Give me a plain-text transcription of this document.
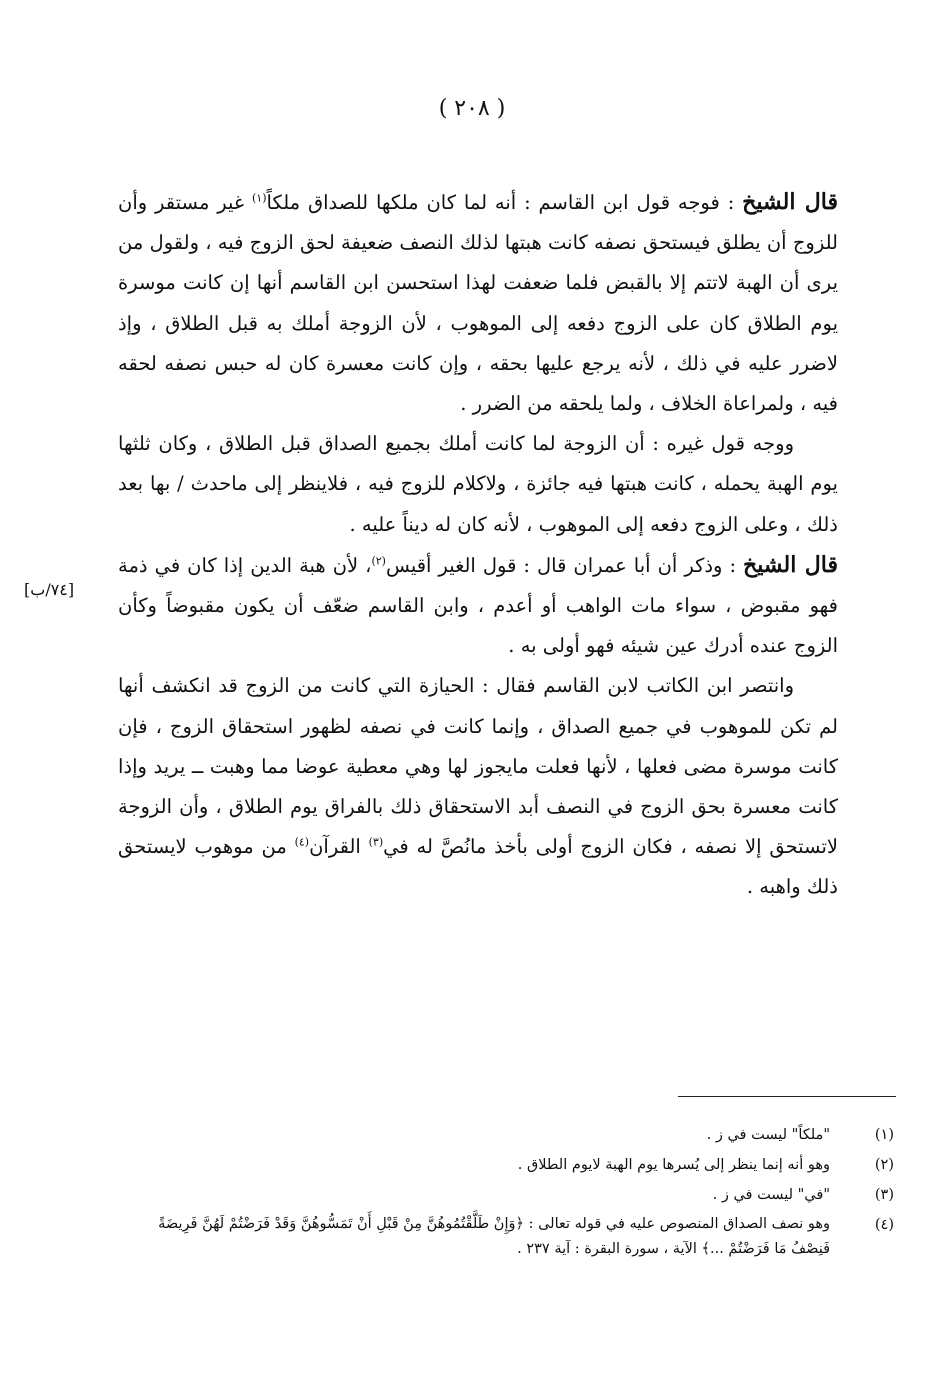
( ٢٠٨ )

قال الشيخ : فوجه قول ابن القاسم : أنه لما كان ملكها للصداق ملكاً$^{(١)}$ غير مستقر وأن للزوج أن يطلق فيستحق نصفه كانت هبتها لذلك النصف ضعيفة لحق الزوج فيه ، ولقول من يرى أن الهبة لاتتم إلا بالقبض فلما ضعفت لهذا استحسن ابن القاسم أنها إن كانت موسرة يوم الطلاق كان على الزوج دفعه إلى الموهوب ، لأن الزوجة أملك به قبل الطلاق ، وإذ لاضرر عليه في ذلك ، لأنه يرجع عليها بحقه ، وإن كانت معسرة كان له حبس نصفه لحقه فيه ، ولمراعاة الخلاف ، ولما يلحقه من الضرر .

ووجه قول غيره : أن الزوجة لما كانت أملك بجميع الصداق قبل الطلاق ، وكان ثلثها يوم الهبة يحمله ، كانت هبتها فيه جائزة ، ولاكلام للزوج فيه ، فلاينظر إلى ماحدث / بها بعد ذلك ، وعلى الزوج دفعه إلى الموهوب ، لأنه كان له ديناً عليه .

قال الشيخ : وذكر أن أبا عمران قال : قول الغير أقيس$^{(٢)}$، لأن هبة الدين إذا كان في ذمة فهو مقبوض ، سواء مات الواهب أو أعدم ، وابن القاسم ضعّف أن يكون مقبوضاً وكأن الزوج عنده أدرك عين شيئه فهو أولى به .

وانتصر ابن الكاتب لابن القاسم فقال : الحيازة التي كانت من الزوج قد انكشف أنها لم تكن للموهوب في جميع الصداق ، وإنما كانت في نصفه لظهور استحقاق الزوج ، فإن كانت موسرة مضى فعلها ، لأنها فعلت مايجوز لها وهي معطية عوضا مما وهبت ــ يريد وإذا كانت معسرة بحق الزوج في النصف أبد الاستحقاق ذلك بالفراق يوم الطلاق ، وأن الزوجة لاتستحق إلا نصفه ، فكان الزوج أولى بأخذ مانُصَّ له في$^{(٣)}$ القرآن$^{(٤)}$ من موهوب لايستحق ذلك واهبه .

[٧٤/ب]
(١)
"ملكاً" ليست في ز .
(٢)
وهو أنه إنما ينظر إلى يُسرها يوم الهبة لايوم الطلاق .
(٣)
"في" ليست في ز .
(٤)
وهو نصف الصداق المنصوص عليه في قوله تعالى : ﴿وَإِنْ طَلَّقْتُمُوهُنَّ مِنْ قَبْلِ أَنْ تَمَسُّوهُنَّ وَقَدْ فَرَضْتُمْ لَهُنَّ فَرِيضَةً فَنِصْفُ مَا فَرَضْتُمْ ...﴾ الآية ، سورة البقرة : آية ٢٣٧ .
